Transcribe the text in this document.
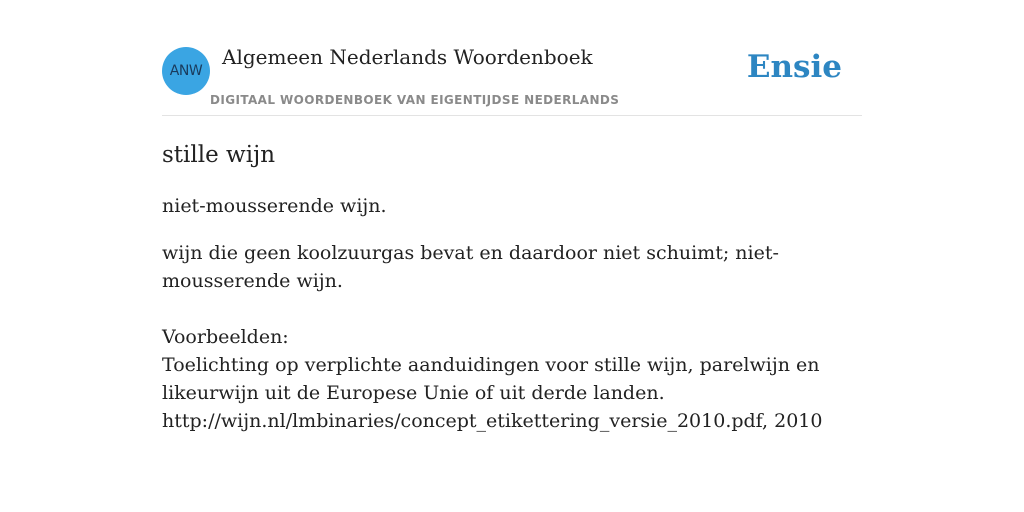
ANW
Algemeen Nederlands Woordenboek
DIGITAAL WOORDENBOEK VAN EIGENTIJDSE NEDERLANDS
Ensie
stille wijn

niet-mousserende wijn.

wijn die geen koolzuurgas bevat en daardoor niet schuimt; niet-mousserende wijn.

Voorbeelden:

Toelichting op verplichte aanduidingen voor stille wijn, parelwijn en likeurwijn uit de Europese Unie of uit derde landen.

http://wijn.nl/lmbinaries/concept_etikettering_versie_2010.pdf, 2010
